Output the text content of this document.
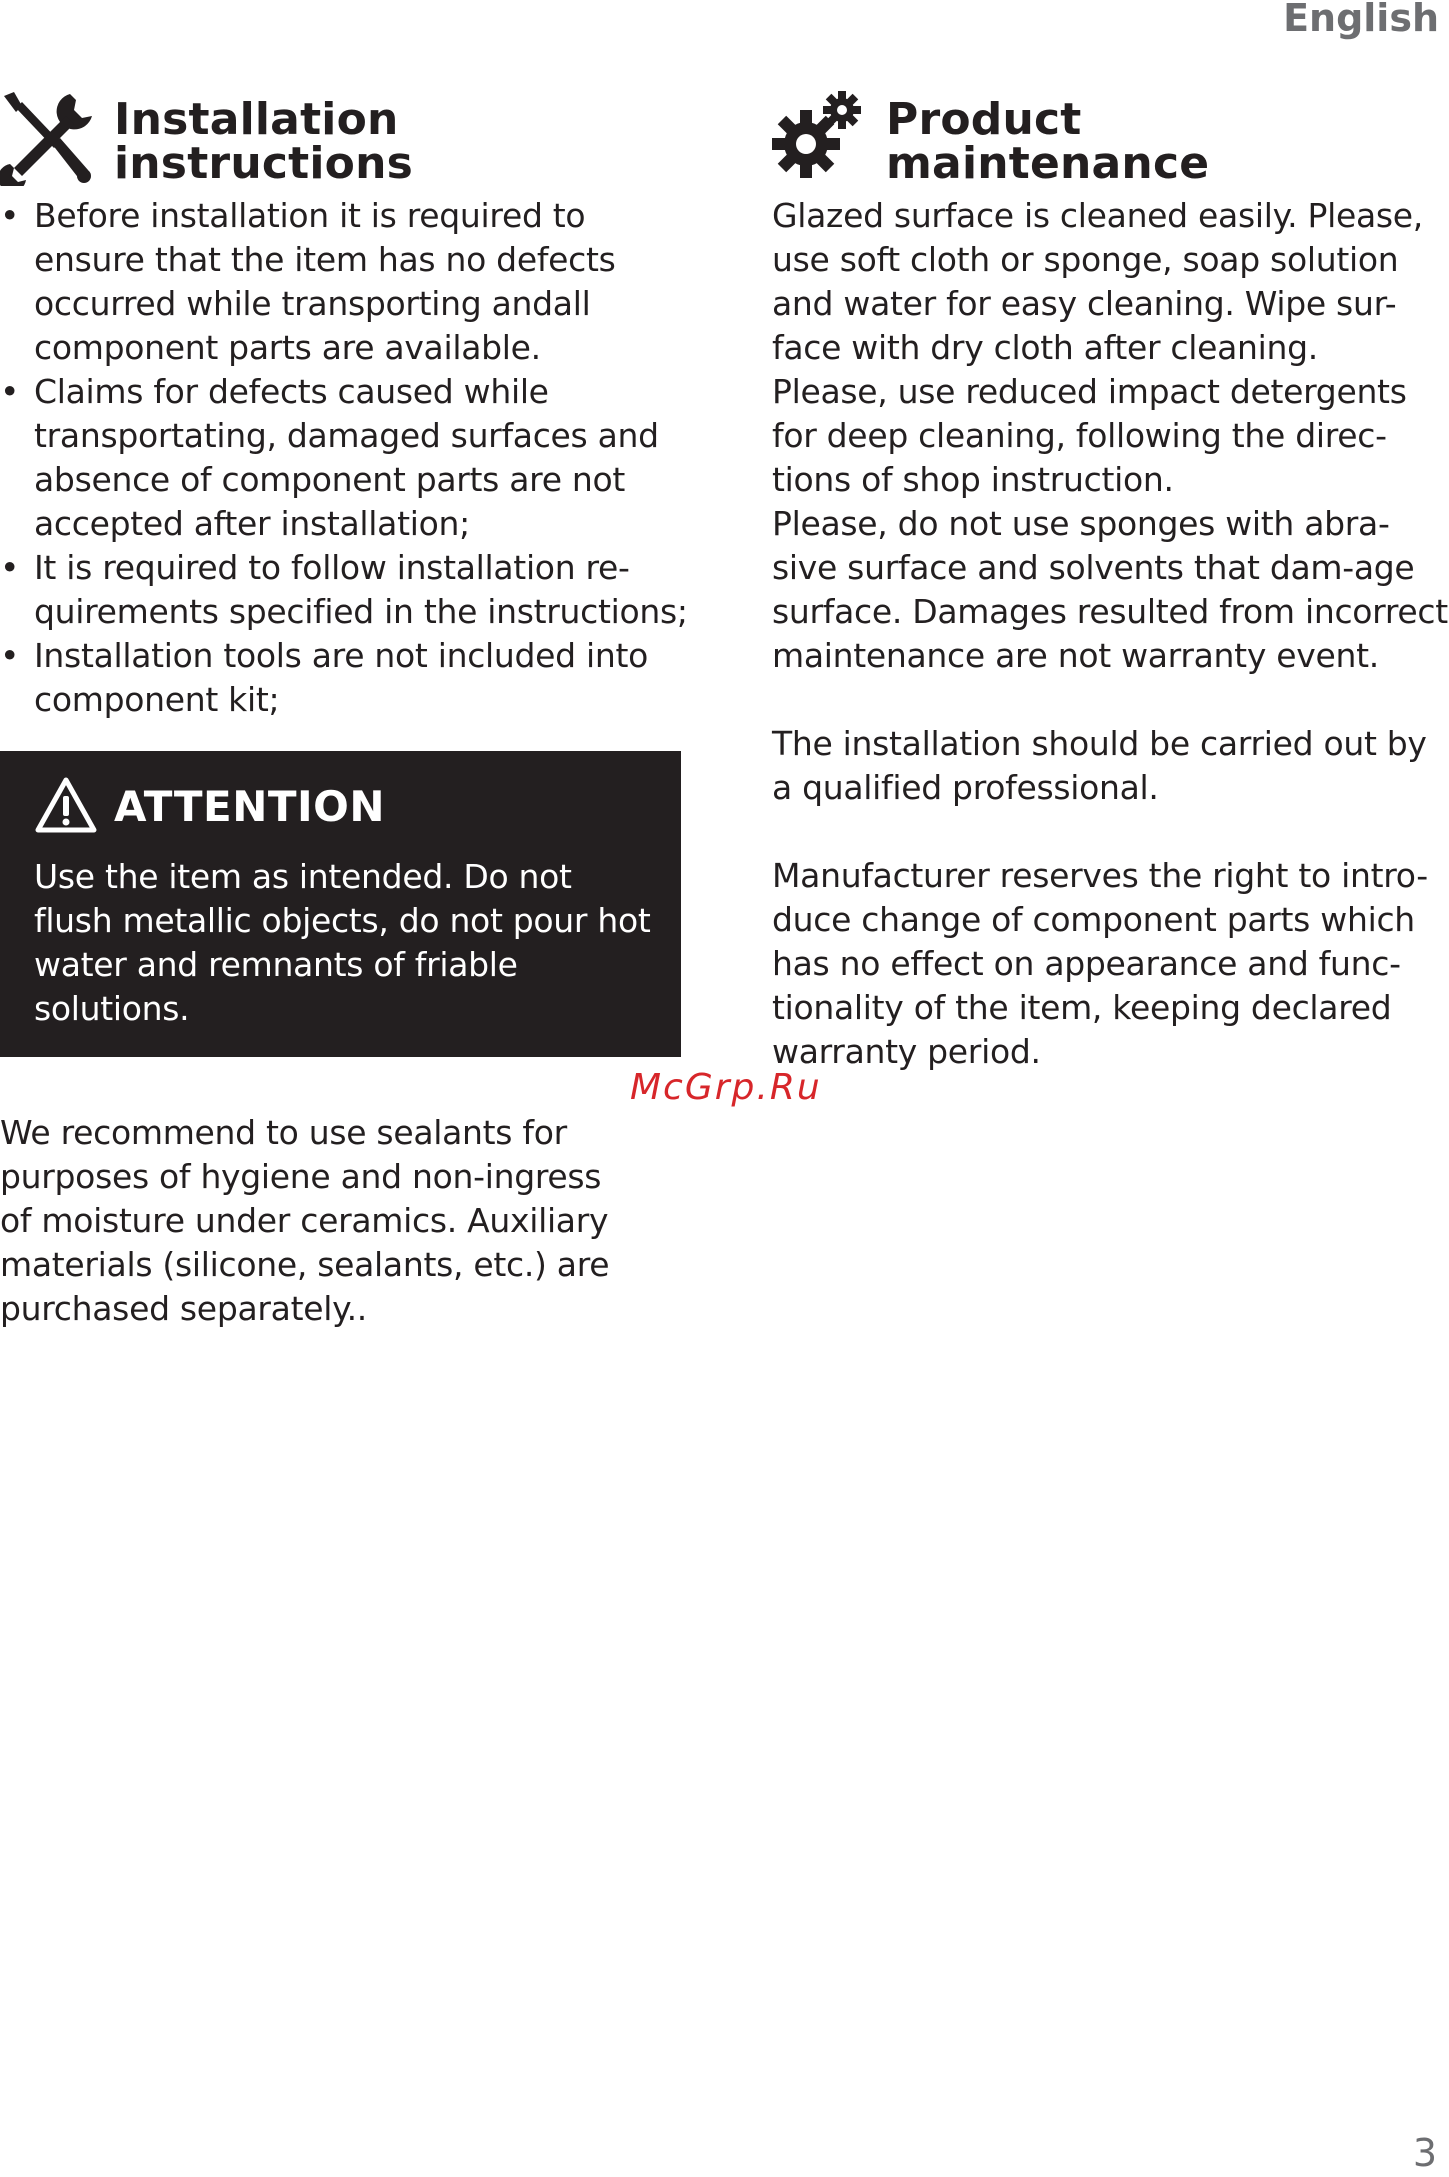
English
Installation
instructions
• Before installation it is required to ensure that the item has no defects occurred while transporting andall component parts are available.
• Claims for defects caused while transportating, damaged surfaces and absence of component parts are not accepted after installation;
• It is required to follow installation re-quirements specified in the instructions;
• Installation tools are not included into component kit;
ATTENTION
Use the item as intended. Do not flush metallic objects, do not pour hot water and remnants of friable solutions.
We recommend to use sealants for purposes of hygiene and non-ingress of moisture under ceramics. Auxiliary materials (silicone, sealants, etc.) are purchased separately..
Product
maintenance
Glazed surface is cleaned easily. Please, use soft cloth or sponge, soap solution and water for easy cleaning. Wipe sur-face with dry cloth after cleaning.
Please, use reduced impact detergents for deep cleaning, following the direc-tions of shop instruction.
Please, do not use sponges with abra-sive surface and solvents that dam-age surface. Damages resulted from incorrect maintenance are not warranty event.
The installation should be carried out by a qualified professional.
Manufacturer reserves the right to intro-duce change of component parts which has no effect on appearance and func-tionality of the item, keeping declared warranty period.
McGrp.Ru
3
